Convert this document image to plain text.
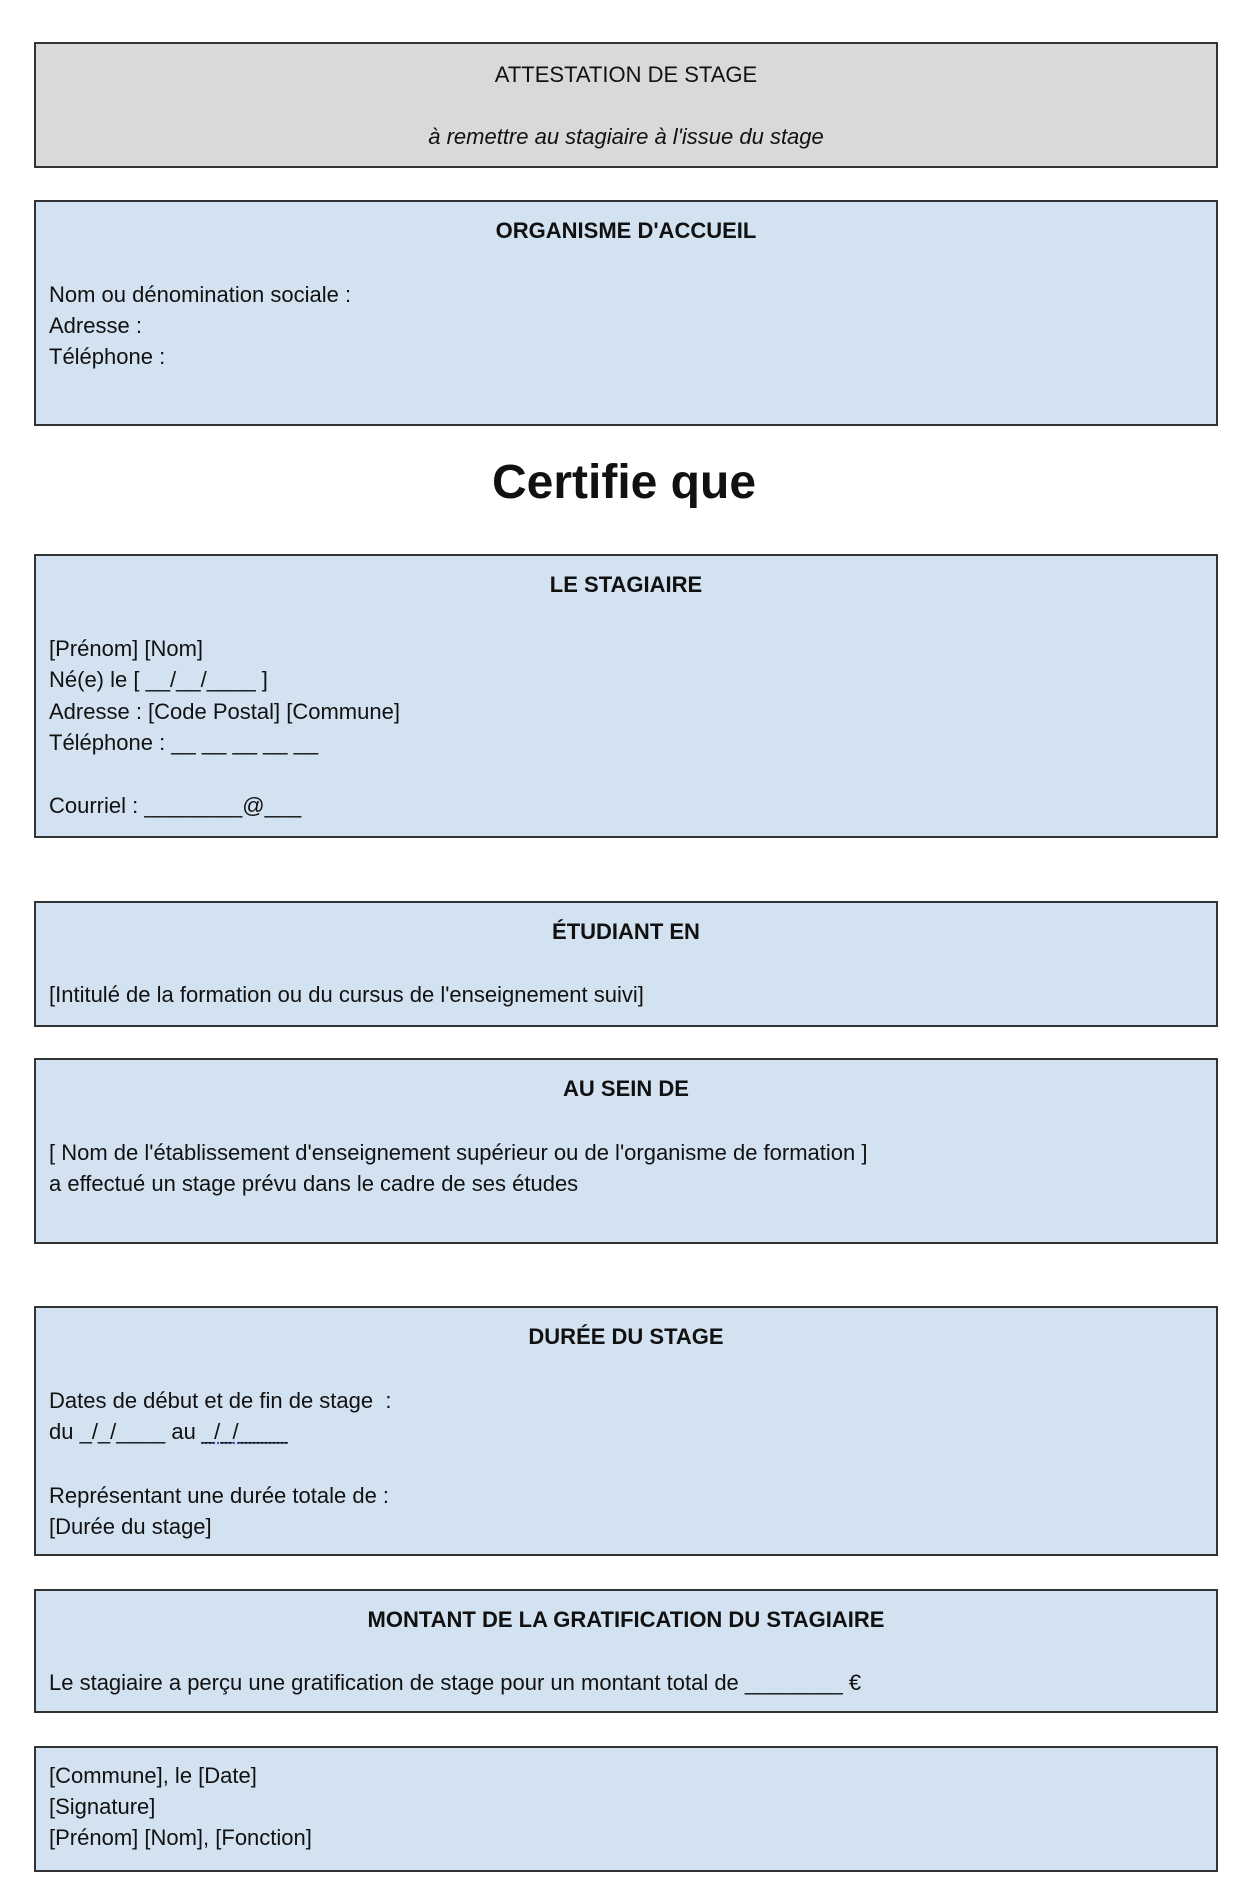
ATTESTATION DE STAGE
à remettre au stagiaire à l'issue du stage
ORGANISME D'ACCUEIL
Nom ou dénomination sociale :
Adresse :
Téléphone :
Certifie que
LE STAGIAIRE
[Prénom] [Nom]
Né(e) le [ __/__/____ ]
Adresse : [Code Postal] [Commune]
Téléphone : __ __ __ __ __
Courriel : ________@___
ÉTUDIANT EN
[Intitulé de la formation ou du cursus de l'enseignement suivi]
AU SEIN DE
[ Nom de l'établissement d'enseignement supérieur ou de l'organisme de formation ]
a effectué un stage prévu dans le cadre de ses études
DURÉE DU STAGE
Dates de début et de fin de stage  :
du _/_/____ au _/_/____
Représentant une durée totale de :
[Durée du stage]
MONTANT DE LA GRATIFICATION DU STAGIAIRE
Le stagiaire a perçu une gratification de stage pour un montant total de ________ €
[Commune], le [Date]
[Signature]
[Prénom] [Nom], [Fonction]
